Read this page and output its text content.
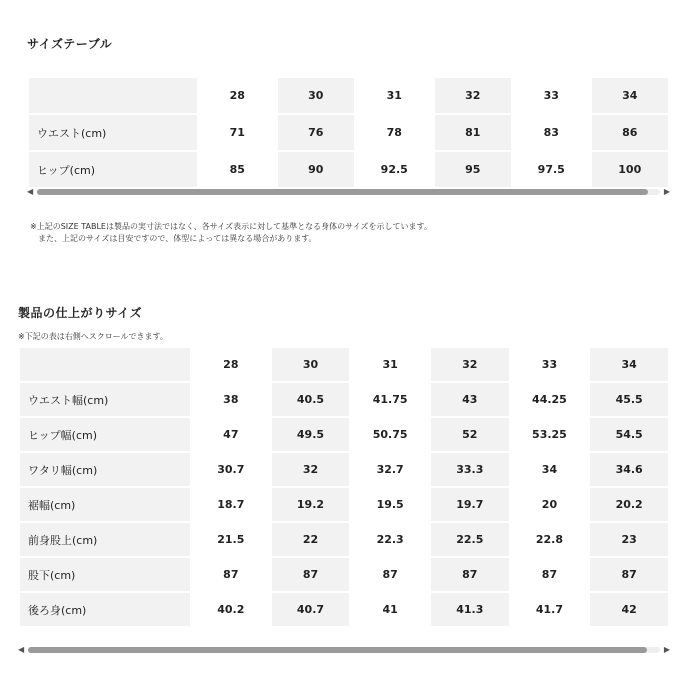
サイズテーブル
	28	30	31	32	33	34
ウエスト(cm)	71	76	78	81	83	86
ヒップ(cm)	85	90	92.5	95	97.5	100
◀	▶
※上記のSIZE TABLEは製品の実寸法ではなく、各サイズ表示に対して基準となる身体のサイズを示しています。
　また、上記のサイズは目安ですので、体型によっては異なる場合があります。
製品の仕上がりサイズ
※下記の表は右側へスクロールできます。
	28	30	31	32	33	34
ウエスト幅(cm)	38	40.5	41.75	43	44.25	45.5
ヒップ幅(cm)	47	49.5	50.75	52	53.25	54.5
ワタリ幅(cm)	30.7	32	32.7	33.3	34	34.6
裾幅(cm)	18.7	19.2	19.5	19.7	20	20.2
前身股上(cm)	21.5	22	22.3	22.5	22.8	23
股下(cm)	87	87	87	87	87	87
後ろ身(cm)	40.2	40.7	41	41.3	41.7	42
◀	▶
